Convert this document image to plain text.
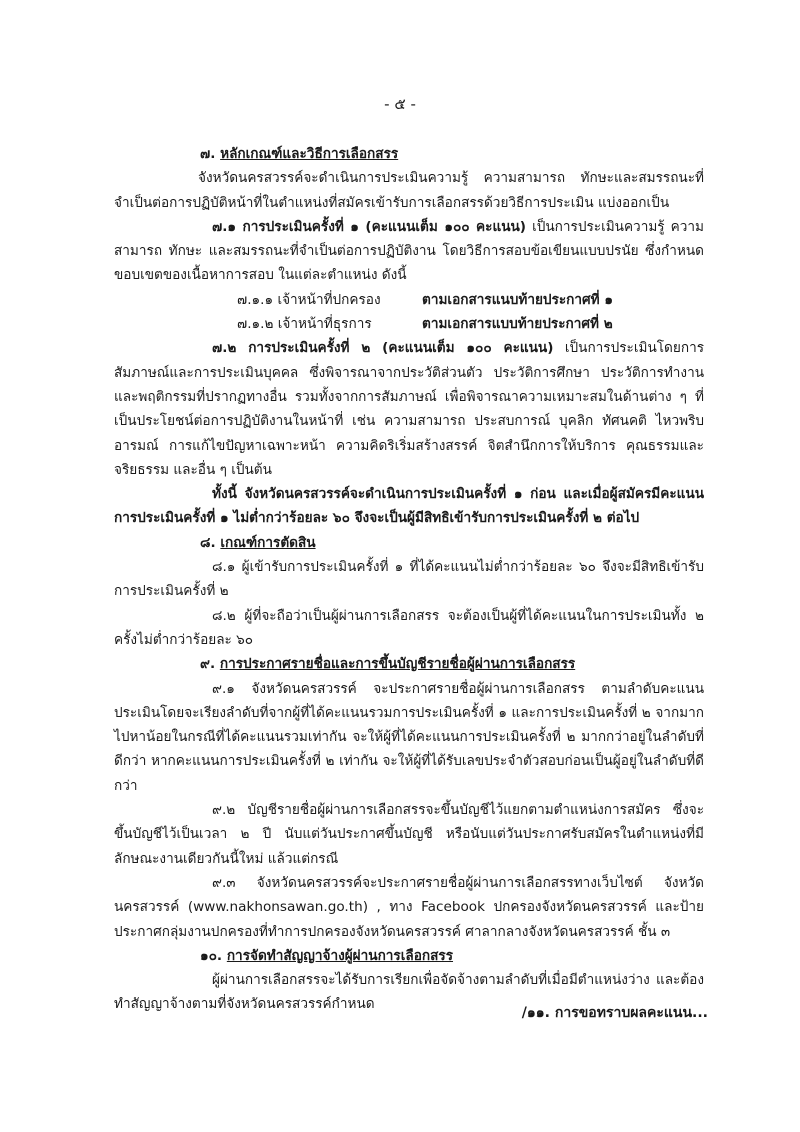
- ๕ -

๗. หลักเกณฑ์และวิธีการเลือกสรร

จังหวัดนครสวรรค์จะดำเนินการประเมินความรู้ ความสามารถ ทักษะและสมรรถนะที่จำเป็นต่อการปฏิบัติหน้าที่ในตำแหน่งที่สมัครเข้ารับการเลือกสรรด้วยวิธีการประเมิน แบ่งออกเป็น

๗.๑ การประเมินครั้งที่ ๑ (คะแนนเต็ม ๑๐๐ คะแนน) เป็นการประเมินความรู้ ความสามารถ ทักษะ และสมรรถนะที่จำเป็นต่อการปฏิบัติงาน โดยวิธีการสอบข้อเขียนแบบปรนัย ซึ่งกำหนดขอบเขตของเนื้อหาการสอบ ในแต่ละตำแหน่ง ดังนี้

๗.๑.๑ เจ้าหน้าที่ปกครอง	ตามเอกสารแนบท้ายประกาศที่ ๑

๗.๑.๒ เจ้าหน้าที่ธุรการ	ตามเอกสารแบบท้ายประกาศที่ ๒

๗.๒ การประเมินครั้งที่ ๒ (คะแนนเต็ม ๑๐๐ คะแนน) เป็นการประเมินโดยการสัมภาษณ์และการประเมินบุคคล ซึ่งพิจารณาจากประวัติส่วนตัว ประวัติการศึกษา ประวัติการทำงาน และพฤติกรรมที่ปรากฏทางอื่น รวมทั้งจากการสัมภาษณ์ เพื่อพิจารณาความเหมาะสมในด้านต่าง ๆ ที่เป็นประโยชน์ต่อการปฏิบัติงานในหน้าที่ เช่น ความสามารถ ประสบการณ์ บุคลิก ทัศนคติ ไหวพริบ อารมณ์ การแก้ไขปัญหาเฉพาะหน้า ความคิดริเริ่มสร้างสรรค์ จิตสำนึกการให้บริการ คุณธรรมและจริยธรรม และอื่น ๆ เป็นต้น

ทั้งนี้ จังหวัดนครสวรรค์จะดำเนินการประเมินครั้งที่ ๑ ก่อน และเมื่อผู้สมัครมีคะแนนการประเมินครั้งที่ ๑ ไม่ต่ำกว่าร้อยละ ๖๐ จึงจะเป็นผู้มีสิทธิเข้ารับการประเมินครั้งที่ ๒ ต่อไป

๘. เกณฑ์การตัดสิน

๘.๑ ผู้เข้ารับการประเมินครั้งที่ ๑ ที่ได้คะแนนไม่ต่ำกว่าร้อยละ ๖๐ จึงจะมีสิทธิเข้ารับการประเมินครั้งที่ ๒

๘.๒ ผู้ที่จะถือว่าเป็นผู้ผ่านการเลือกสรร จะต้องเป็นผู้ที่ได้คะแนนในการประเมินทั้ง ๒ ครั้งไม่ต่ำกว่าร้อยละ ๖๐

๙. การประกาศรายชื่อและการขึ้นบัญชีรายชื่อผู้ผ่านการเลือกสรร

๙.๑ จังหวัดนครสวรรค์ จะประกาศรายชื่อผู้ผ่านการเลือกสรร ตามลำดับคะแนนประเมินโดยจะเรียงลำดับที่จากผู้ที่ได้คะแนนรวมการประเมินครั้งที่ ๑ และการประเมินครั้งที่ ๒ จากมากไปหาน้อยในกรณีที่ได้คะแนนรวมเท่ากัน จะให้ผู้ที่ได้คะแนนการประเมินครั้งที่ ๒ มากกว่าอยู่ในลำดับที่ดีกว่า หากคะแนนการประเมินครั้งที่ ๒ เท่ากัน จะให้ผู้ที่ได้รับเลขประจำตัวสอบก่อนเป็นผู้อยู่ในลำดับที่ดีกว่า

๙.๒ บัญชีรายชื่อผู้ผ่านการเลือกสรรจะขึ้นบัญชีไว้แยกตามตำแหน่งการสมัคร ซึ่งจะขึ้นบัญชีไว้เป็นเวลา ๒ ปี นับแต่วันประกาศขึ้นบัญชี หรือนับแต่วันประกาศรับสมัครในตำแหน่งที่มีลักษณะงานเดียวกันนี้ใหม่ แล้วแต่กรณี

๙.๓ จังหวัดนครสวรรค์จะประกาศรายชื่อผู้ผ่านการเลือกสรรทางเว็บไซต์ จังหวัดนครสวรรค์ (www.nakhonsawan.go.th) , ทาง Facebook ปกครองจังหวัดนครสวรรค์ และป้ายประกาศกลุ่มงานปกครองที่ทำการปกครองจังหวัดนครสวรรค์ ศาลากลางจังหวัดนครสวรรค์ ชั้น ๓

๑๐. การจัดทำสัญญาจ้างผู้ผ่านการเลือกสรร

ผู้ผ่านการเลือกสรรจะได้รับการเรียกเพื่อจัดจ้างตามลำดับที่เมื่อมีตำแหน่งว่าง และต้องทำสัญญาจ้างตามที่จังหวัดนครสวรรค์กำหนด

/๑๑. การขอทราบผลคะแนน...
